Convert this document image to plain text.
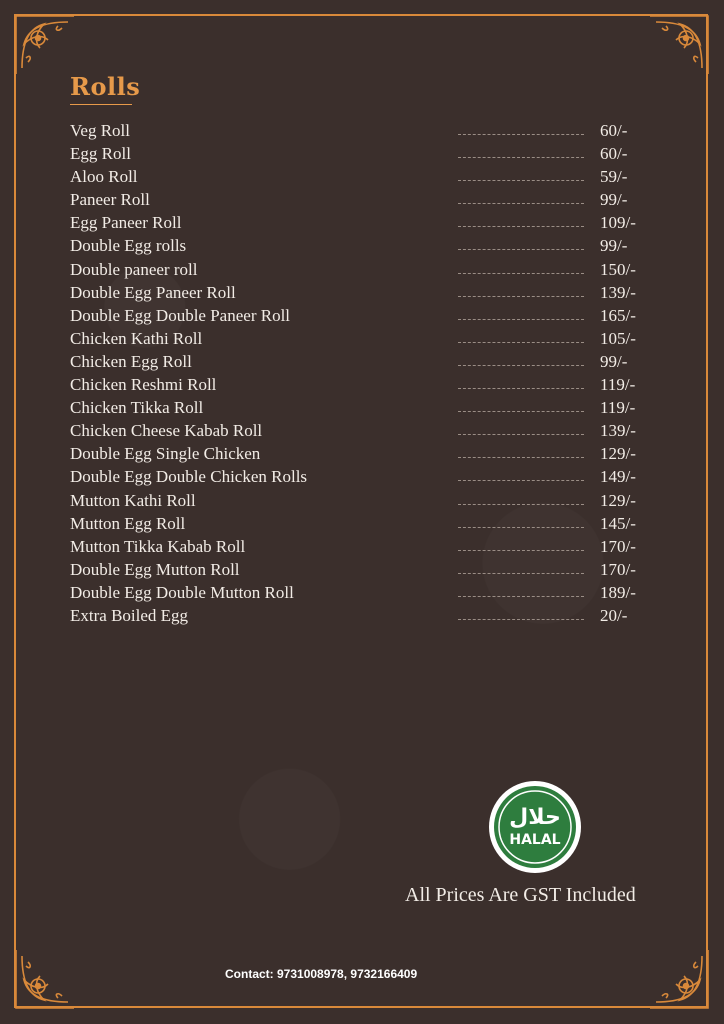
Rolls
Veg Roll	60/-
Egg Roll	60/-
Aloo Roll	59/-
Paneer Roll	99/-
Egg Paneer Roll	109/-
Double Egg rolls	99/-
Double paneer roll	150/-
Double Egg Paneer Roll	139/-
Double Egg Double Paneer Roll	165/-
Chicken Kathi Roll	105/-
Chicken Egg Roll	99/-
Chicken Reshmi Roll	119/-
Chicken Tikka Roll	119/-
Chicken Cheese Kabab Roll	139/-
Double Egg Single Chicken	129/-
Double Egg Double Chicken Rolls	149/-
Mutton Kathi Roll	129/-
Mutton Egg Roll	145/-
Mutton Tikka Kabab Roll	170/-
Double Egg Mutton Roll	170/-
Double Egg Double Mutton Roll	189/-
Extra Boiled Egg	20/-
حلال
HALAL
All Prices Are GST Included
Contact: 9731008978, 9732166409
